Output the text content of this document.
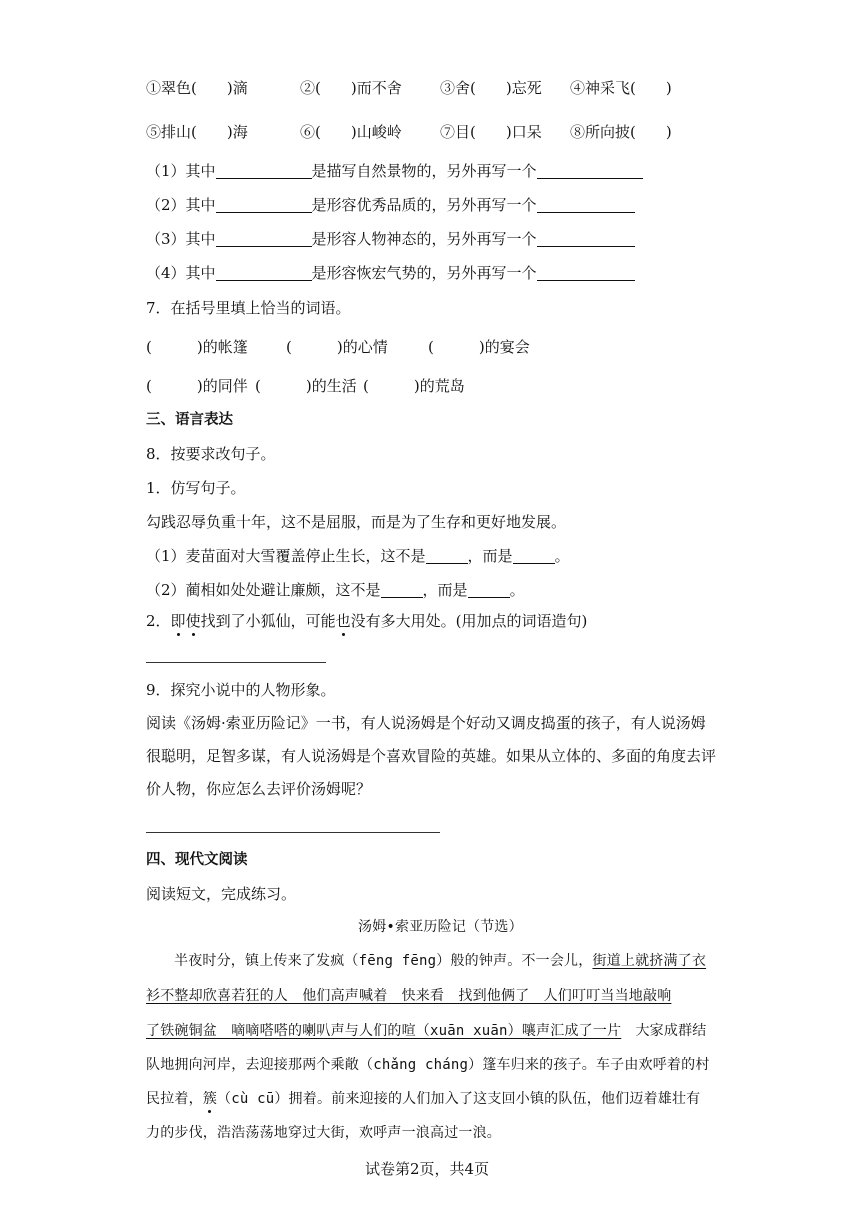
①翠色(　　)滴	②(　　)而不舍	③舍(　　)忘死 ④神采飞(　　)
⑤排山(　　)海	⑥(　　)山峻岭	⑦目(　　)口呆 ⑧所向披(　　)
（1）其中	是描写自然景物的，另外再写一个
（2）其中	是形容优秀品质的，另外再写一个
（3）其中	是形容人物神态的，另外再写一个
（4）其中	是形容恢宏气势的，另外再写一个
7．在括号里填上恰当的词语。
(　　　)的帐篷	(　　　)的心情	(　　　)的宴会
(　　　)的同伴 (　　　)的生活 (　　　)的荒岛
三、语言表达
8．按要求改句子。
1．仿写句子。
勾践忍辱负重十年，这不是屈服，而是为了生存和更好地发展。
（1）麦苗面对大雪覆盖停止生长，这不是	，而是	。
（2）蔺相如处处避让廉颇，这不是	，而是	。
2．即使找到了小狐仙，可能也没有多大用处。(用加点的词语造句)
9．探究小说中的人物形象。
阅读《汤姆·索亚历险记》一书，有人说汤姆是个好动又调皮捣蛋的孩子，有人说汤姆
很聪明，足智多谋，有人说汤姆是个喜欢冒险的英雄。如果从立体的、多面的角度去评
价人物，你应怎么去评价汤姆呢？
四、现代文阅读
阅读短文，完成练习。
汤姆•索亚历险记（节选）
半夜时分，镇上传来了发疯（fēng fēng）般的钟声。不一会儿，街道上就挤满了衣
衫不整却欣喜若狂的人　他们高声喊着　快来看　找到他俩了　人们叮叮当当地敲响
了铁碗铜盆　嘀嘀嗒嗒的喇叭声与人们的喧（xuān xuān）嚷声汇成了一片　 大家成群结
队地拥向河岸，去迎接那两个乘敞（chǎng cháng）篷车归来的孩子。车子由欢呼着的村
民拉着，簇（cù cū）拥着。前来迎接的人们加入了这支回小镇的队伍，他们迈着雄壮有
力的步伐，浩浩荡荡地穿过大街，欢呼声一浪高过一浪。
试卷第2页，共4页
